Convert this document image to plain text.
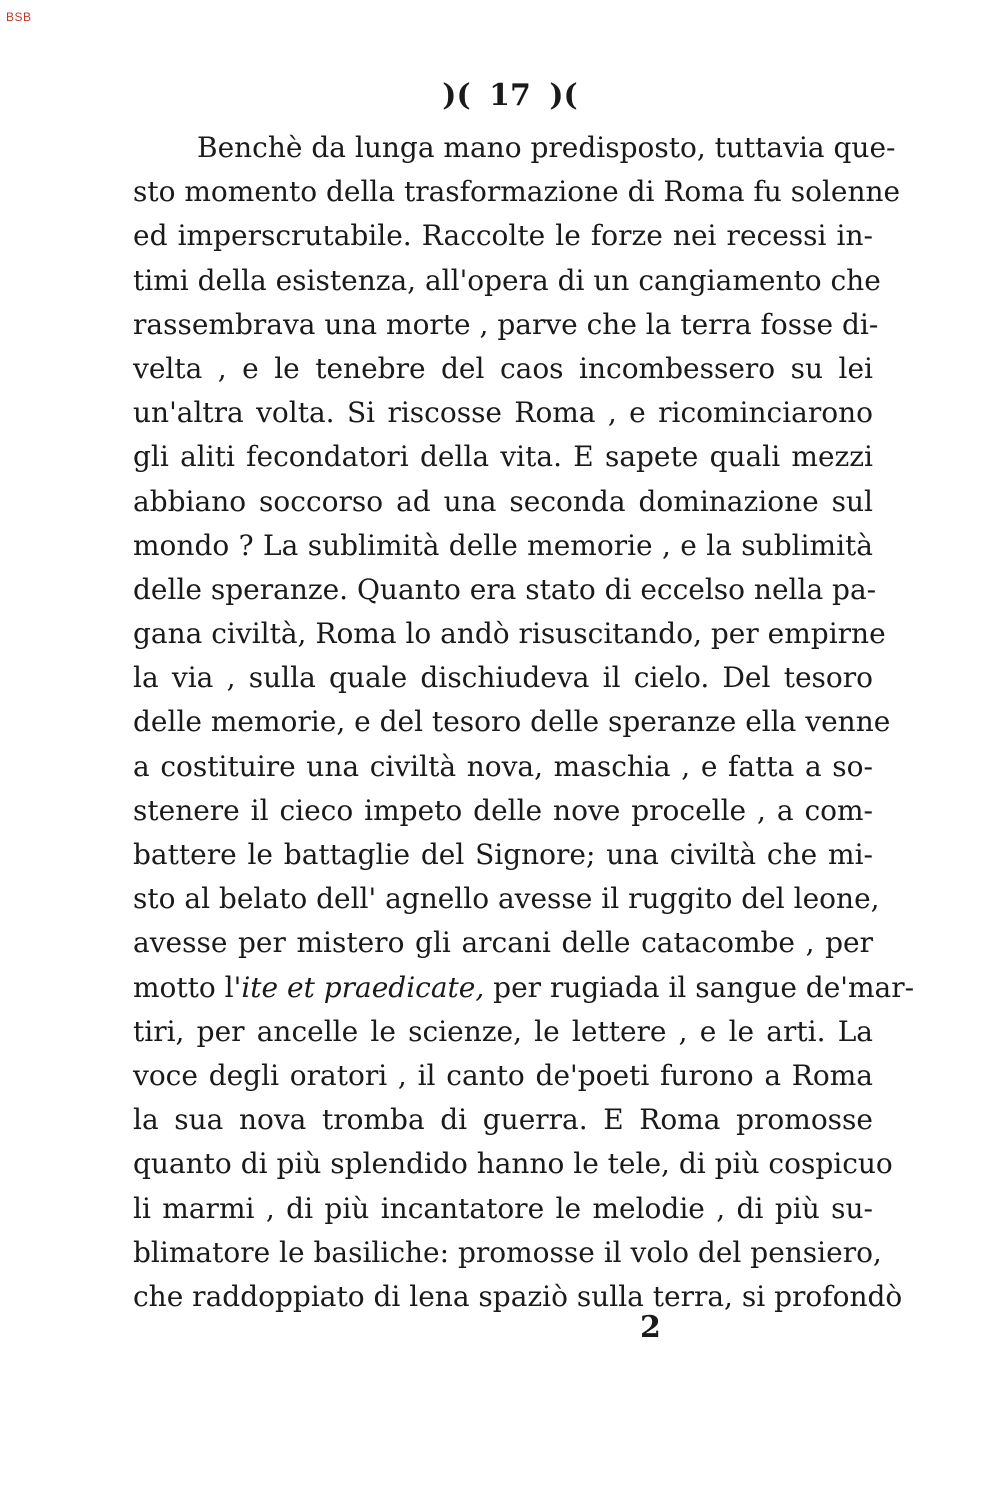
BSB
)( 17 )(
Benchè da lunga mano predisposto, tuttavia que-
sto momento della trasformazione di Roma fu solenne
ed imperscrutabile. Raccolte le forze nei recessi in-
timi della esistenza, all'opera di un cangiamento che
rassembrava una morte , parve che la terra fosse di-
velta , e le tenebre del caos incombessero su lei
un'altra volta. Si riscosse Roma , e ricominciarono
gli aliti fecondatori della vita. E sapete quali mezzi
abbiano soccorso ad una seconda dominazione sul
mondo ? La sublimità delle memorie , e la sublimità
delle speranze. Quanto era stato di eccelso nella pa-
gana civiltà, Roma lo andò risuscitando, per empirne
la via , sulla quale dischiudeva il cielo. Del tesoro
delle memorie, e del tesoro delle speranze ella venne
a costituire una civiltà nova, maschia , e fatta a so-
stenere il cieco impeto delle nove procelle , a com-
battere le battaglie del Signore; una civiltà che mi-
sto al belato dell' agnello avesse il ruggito del leone,
avesse per mistero gli arcani delle catacombe , per
motto l'ite et praedicate, per rugiada il sangue de'mar-
tiri, per ancelle le scienze, le lettere , e le arti. La
voce degli oratori , il canto de'poeti furono a Roma
la sua nova tromba di guerra. E Roma promosse
quanto di più splendido hanno le tele, di più cospicuo
li marmi , di più incantatore le melodie , di più su-
blimatore le basiliche: promosse il volo del pensiero,
che raddoppiato di lena spaziò sulla terra, si profondò
2
